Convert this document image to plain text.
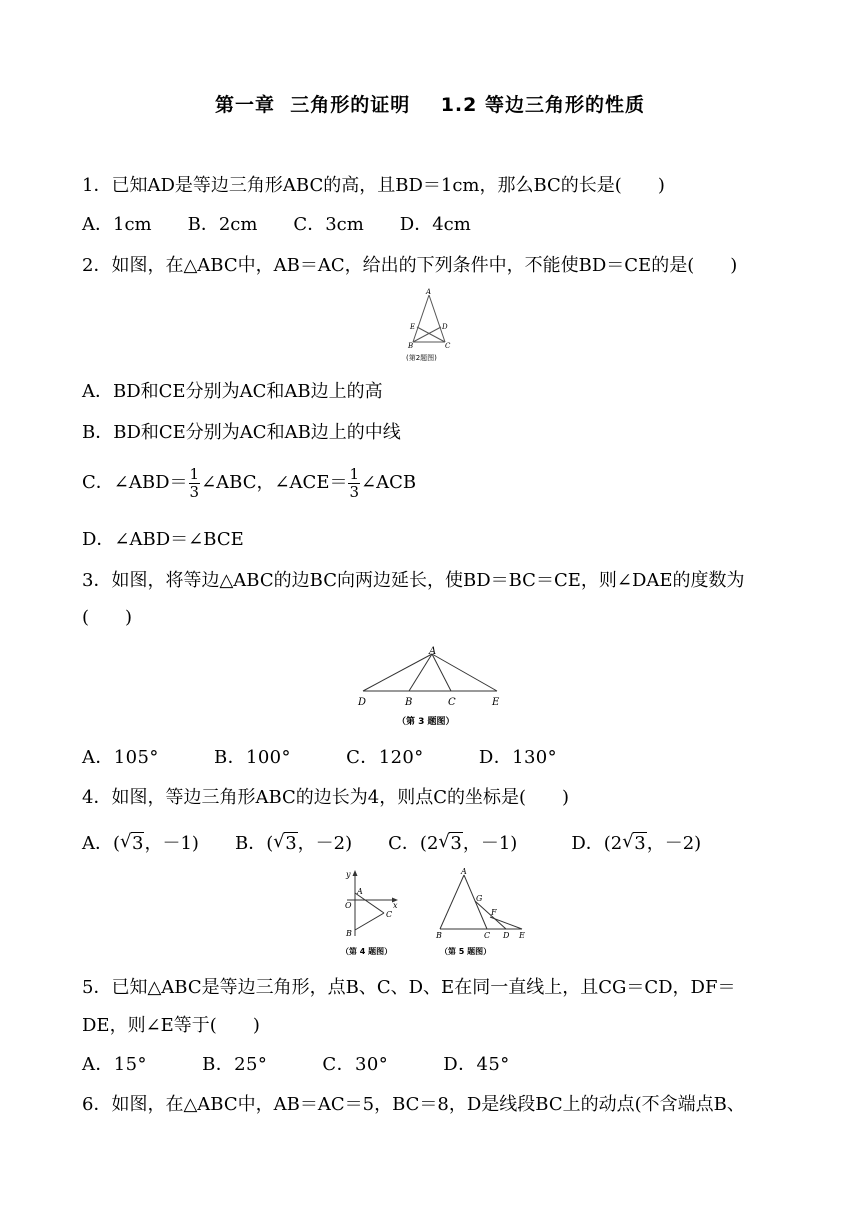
第一章  三角形的证明    1.2 等边三角形的性质
1．已知AD是等边三角形ABC的高，且BD＝1cm，那么BC的长是(　　)
A．1cm　　B．2cm　　C．3cm　　D．4cm
2．如图，在△ABC中，AB＝AC，给出的下列条件中，不能使BD＝CE的是(　　)
A
E	D
B	C
(第2题图)
A．BD和CE分别为AC和AB边上的高
B．BD和CE分别为AC和AB边上的中线
C．∠ABD＝ $\frac{1}{3}$ ∠ABC，∠ACE＝ $\frac{1}{3}$ ∠ACB
D．∠ABD＝∠BCE
3．如图，将等边△ABC的边BC向两边延长，使BD＝BC＝CE，则∠DAE的度数为
(　　)
A
D	B	C	E
（第 3 题图）
A．105°　　　B．100°　　　C．120°　　　D．130°
4．如图，等边三角形ABC的边长为4，则点C的坐标是(　　)
A．( √ 3，－1)　　 B．( √ 3，－2)　　 C．(2 √ 3，－1)　　　	D．(2 √ 3，－2)
y
A
O	x
C
B
（第 4 题图）
A
G
F
B	C D E
（第 5 题图）
5．已知△ABC是等边三角形，点B、C、D、E在同一直线上，且CG＝CD，DF＝
DE，则∠E等于(　　)
A．15°　　　B．25°　　　C．30°　　　D．45°
6．如图，在△ABC中，AB＝AC＝5，BC＝8，D是线段BC上的动点(不含端点B、
